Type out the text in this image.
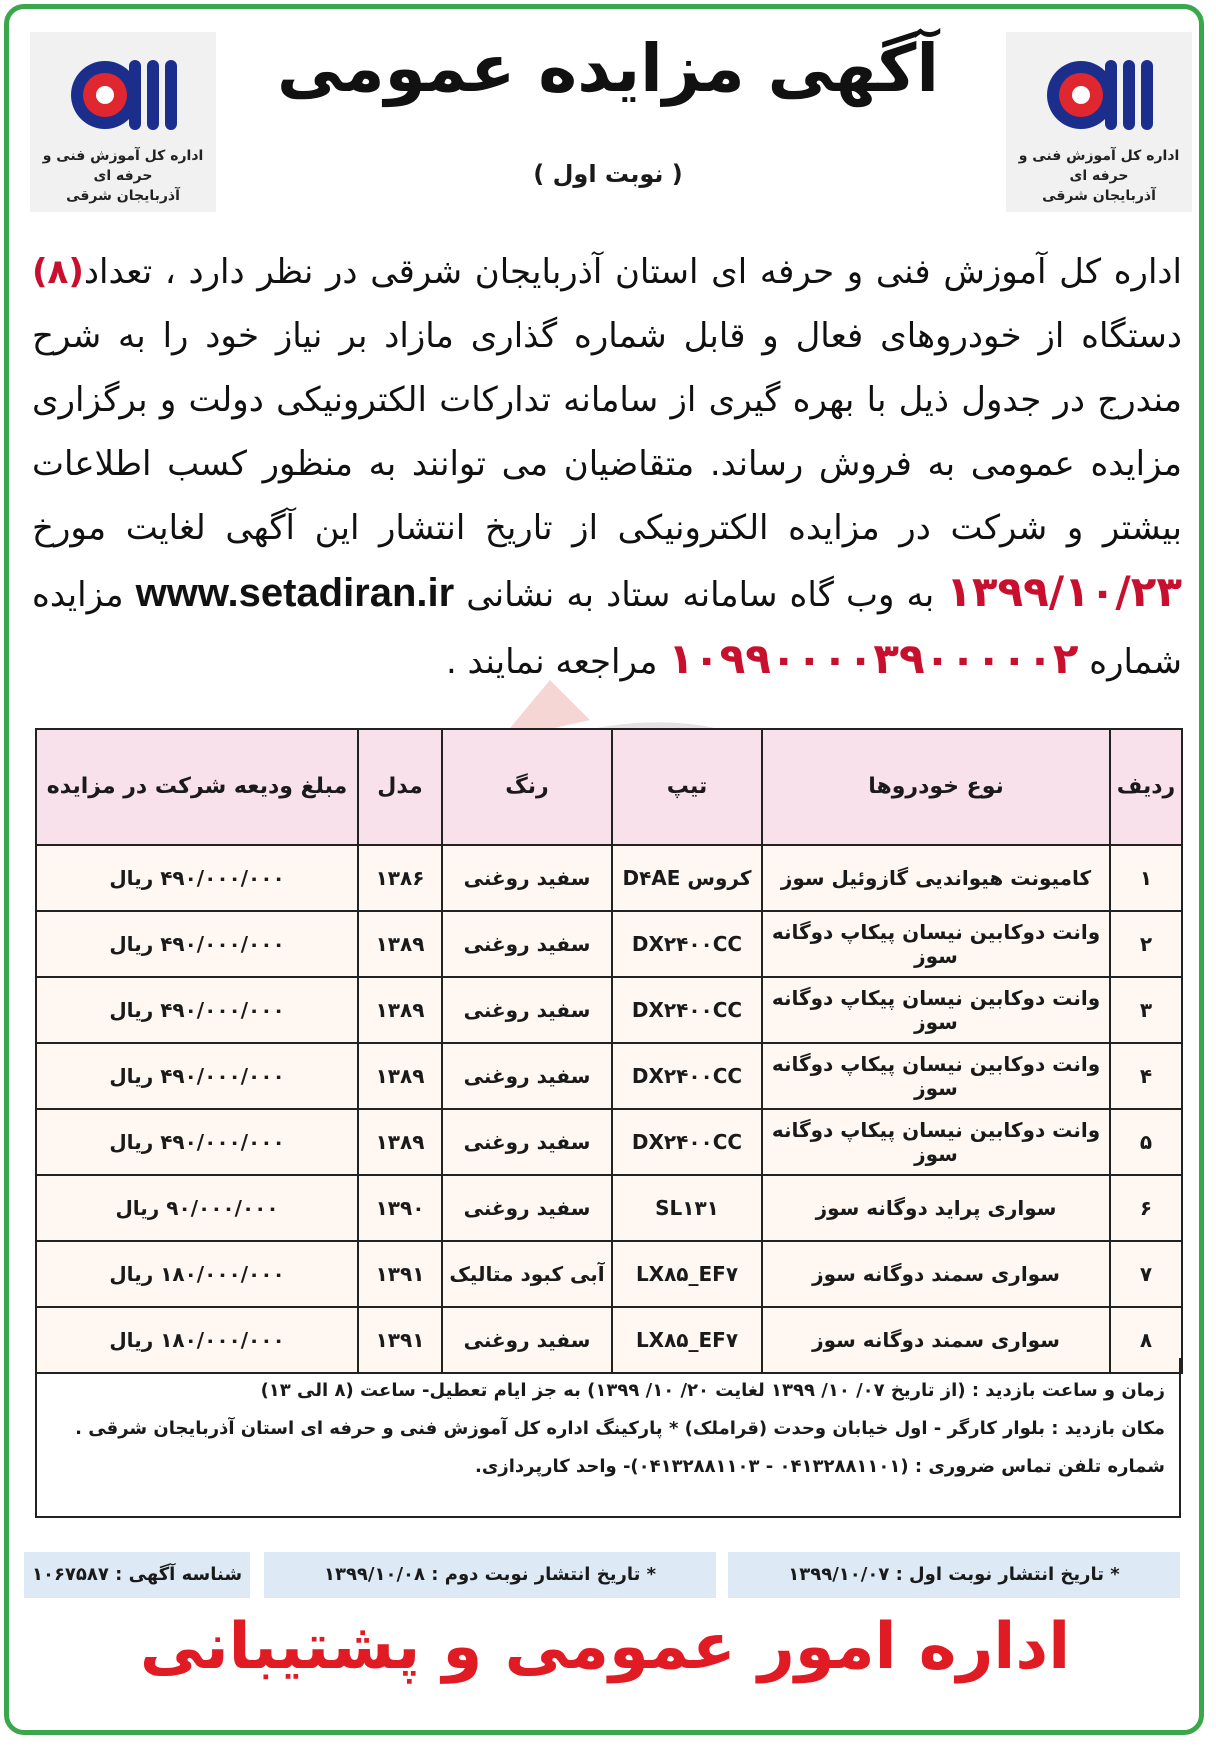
اداره کل آموزش فنی و حرفه ای
آذربایجان شرقی
اداره کل آموزش فنی و حرفه ای
آذربایجان شرقی
آگهی مزایده عمومی
( نوبت اول )
اداره کل آموزش فنی و حرفه ای استان آذربایجان شرقی در نظر دارد ، تعداد(۸) دستگاه از خودروهای فعال و قابل شماره گذاری مازاد بر نیاز خود را به شرح مندرج در جدول ذیل با بهره گیری از سامانه تدارکات الکترونیکی دولت و برگزاری مزایده عمومی به فروش رساند. متقاضیان می توانند به منظور کسب اطلاعات بیشتر و شرکت در مزایده الکترونیکی از تاریخ انتشار این آگهی لغایت مورخ ۱۳۹۹/۱۰/۲۳ به وب گاه سامانه ستاد به نشانی www.setadiran.ir مزایده شماره ۱۰۹۹۰۰۰۰۳۹۰۰۰۰۰۲ مراجعه نمایند .
ردیف	نوع خودروها	تیپ	رنگ	مدل	مبلغ ودیعه شرکت در مزایده
۱	کامیونت هیواندیی گازوئیل سوز	کروس D۴AE	سفید روغنی	۱۳۸۶	۴۹۰/۰۰۰/۰۰۰ ریال
۲	وانت دوکابین نیسان پیکاپ دوگانه سوز	DX۲۴۰۰CC	سفید روغنی	۱۳۸۹	۴۹۰/۰۰۰/۰۰۰ ریال
۳	وانت دوکابین نیسان پیکاپ دوگانه سوز	DX۲۴۰۰CC	سفید روغنی	۱۳۸۹	۴۹۰/۰۰۰/۰۰۰ ریال
۴	وانت دوکابین نیسان پیکاپ دوگانه سوز	DX۲۴۰۰CC	سفید روغنی	۱۳۸۹	۴۹۰/۰۰۰/۰۰۰ ریال
۵	وانت دوکابین نیسان پیکاپ دوگانه سوز	DX۲۴۰۰CC	سفید روغنی	۱۳۸۹	۴۹۰/۰۰۰/۰۰۰ ریال
۶	سواری پراید دوگانه سوز	SL۱۳۱	سفید روغنی	۱۳۹۰	۹۰/۰۰۰/۰۰۰ ریال
۷	سواری سمند دوگانه سوز	LX۸۵_EF۷	آبی کبود متالیک	۱۳۹۱	۱۸۰/۰۰۰/۰۰۰ ریال
۸	سواری سمند دوگانه سوز	LX۸۵_EF۷	سفید روغنی	۱۳۹۱	۱۸۰/۰۰۰/۰۰۰ ریال
زمان و ساعت بازدید : (از تاریخ ۰۷/ ۱۰/ ۱۳۹۹ لغایت ۲۰/ ۱۰/ ۱۳۹۹) به جز ایام تعطیل- ساعت (۸ الی ۱۳)
مکان بازدید : بلوار کارگر - اول خیابان وحدت (قراملک) * پارکینگ اداره کل آموزش فنی و حرفه ای استان آذربایجان شرقی .
شماره تلفن تماس ضروری : (۰۴۱۳۲۸۸۱۱۰۱ - ۰۴۱۳۲۸۸۱۱۰۳)- واحد کارپردازی.
* تاریخ انتشار نوبت اول : ۱۳۹۹/۱۰/۰۷
* تاریخ انتشار نوبت دوم : ۱۳۹۹/۱۰/۰۸
شناسه آگهی : ۱۰۶۷۵۸۷
اداره امور عمومی و پشتیبانی
